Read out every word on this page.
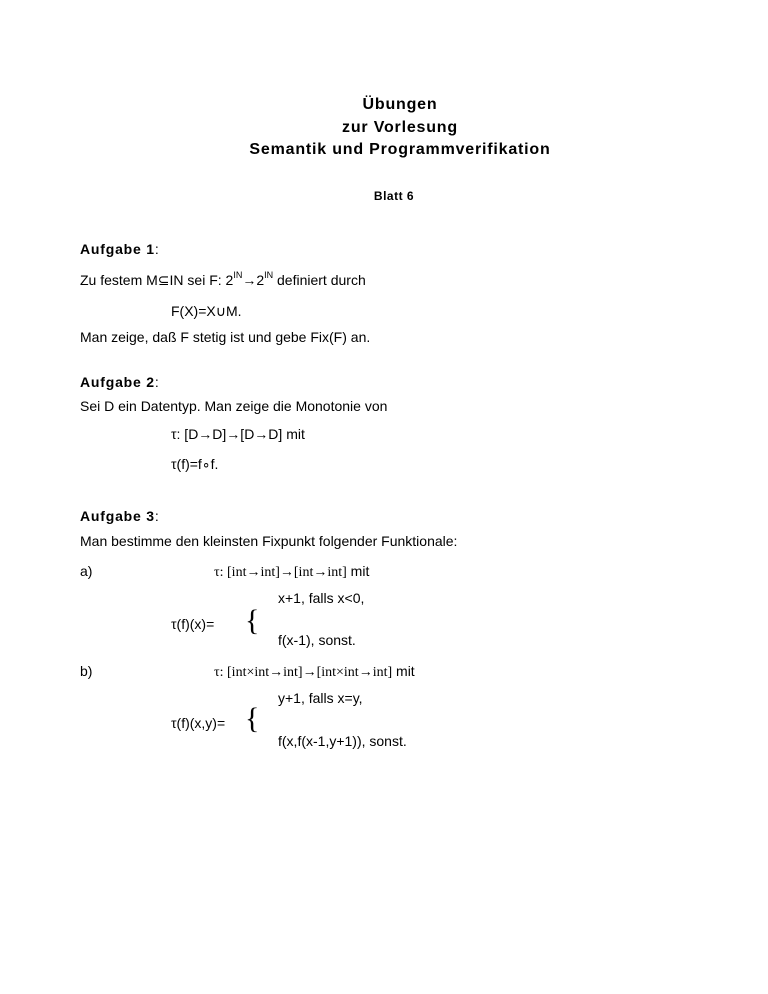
Übungen
zur Vorlesung
Semantik und Programmverifikation
Blatt 6
Aufgabe 1:
Zu festem M⊆IN sei F: $2^{IN}\to 2^{IN}$ definiert durch
F(X)=X∪M.
Man zeige, daß F stetig ist und gebe Fix(F) an.
Aufgabe 2:
Sei D ein Datentyp. Man zeige die Monotonie von
τ: [D→D]→[D→D] mit
τ(f)=f∘f.
Aufgabe 3:
Man bestimme den kleinsten Fixpunkt folgender Funktionale:
a)	τ: [int→int]→[int→int] mit
x+1, falls x<0,
τ(f)(x)= {
f(x-1), sonst.
b)	τ: [int×int→int]→[int×int→int] mit
y+1, falls x=y,
τ(f)(x,y)= {
f(x,f(x-1,y+1)), sonst.
